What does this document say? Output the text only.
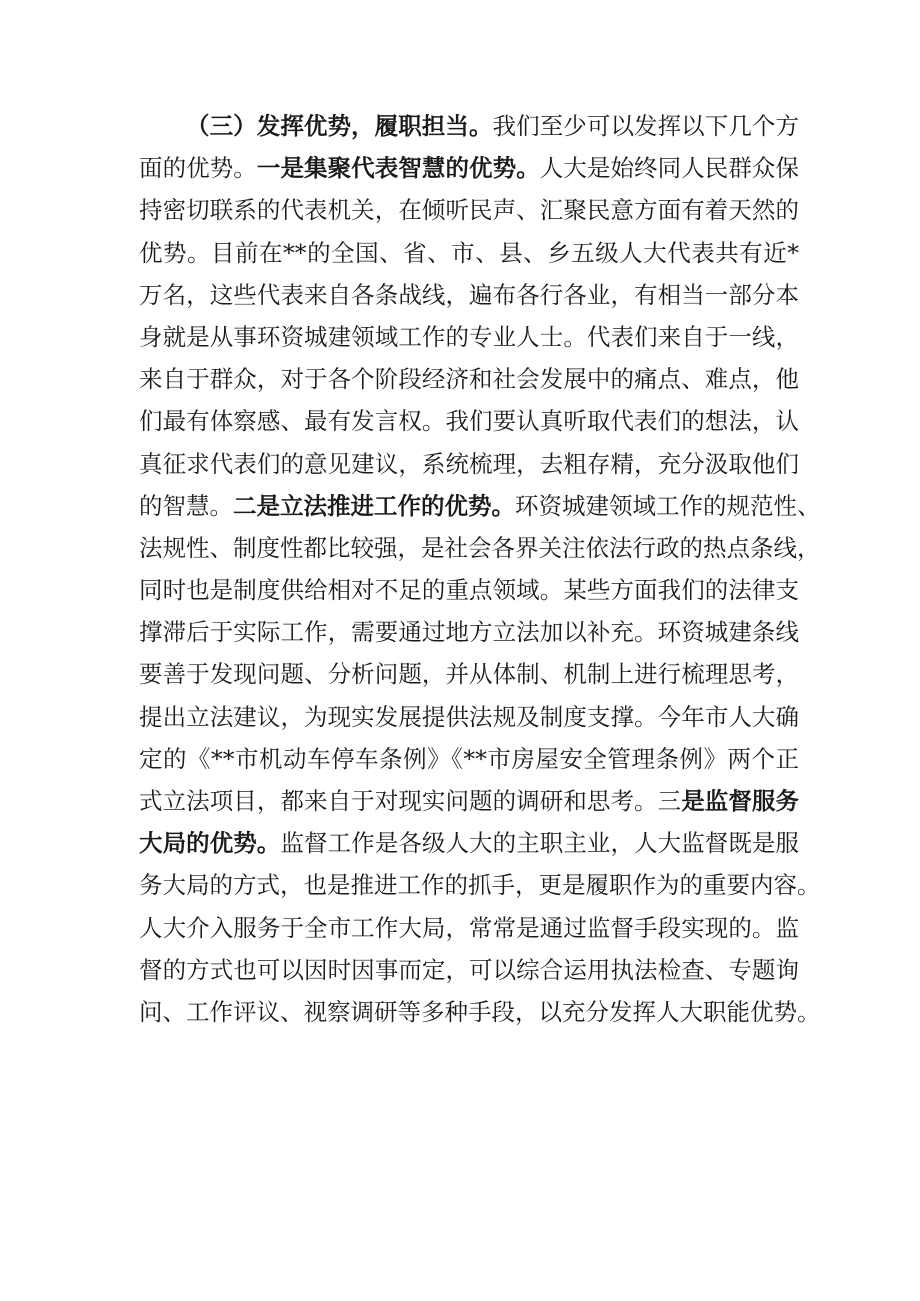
（三）发挥优势，履职担当。我们至少可以发挥以下几个方
面的优势。一是集聚代表智慧的优势。人大是始终同人民群众保
持密切联系的代表机关，在倾听民声、汇聚民意方面有着天然的
优势。目前在**的全国、省、市、县、乡五级人大代表共有近*
万名，这些代表来自各条战线，遍布各行各业，有相当一部分本
身就是从事环资城建领域工作的专业人士。代表们来自于一线，
来自于群众，对于各个阶段经济和社会发展中的痛点、难点，他
们最有体察感、最有发言权。我们要认真听取代表们的想法，认
真征求代表们的意见建议，系统梳理，去粗存精，充分汲取他们
的智慧。二是立法推进工作的优势。环资城建领域工作的规范性、
法规性、制度性都比较强，是社会各界关注依法行政的热点条线，
同时也是制度供给相对不足的重点领域。某些方面我们的法律支
撑滞后于实际工作，需要通过地方立法加以补充。环资城建条线
要善于发现问题、分析问题，并从体制、机制上进行梳理思考，
提出立法建议，为现实发展提供法规及制度支撑。今年市人大确
定的《**市机动车停车条例》《**市房屋安全管理条例》两个正
式立法项目，都来自于对现实问题的调研和思考。三是监督服务
大局的优势。监督工作是各级人大的主职主业，人大监督既是服
务大局的方式，也是推进工作的抓手，更是履职作为的重要内容。
人大介入服务于全市工作大局，常常是通过监督手段实现的。监
督的方式也可以因时因事而定，可以综合运用执法检查、专题询
问、工作评议、视察调研等多种手段，以充分发挥人大职能优势。
